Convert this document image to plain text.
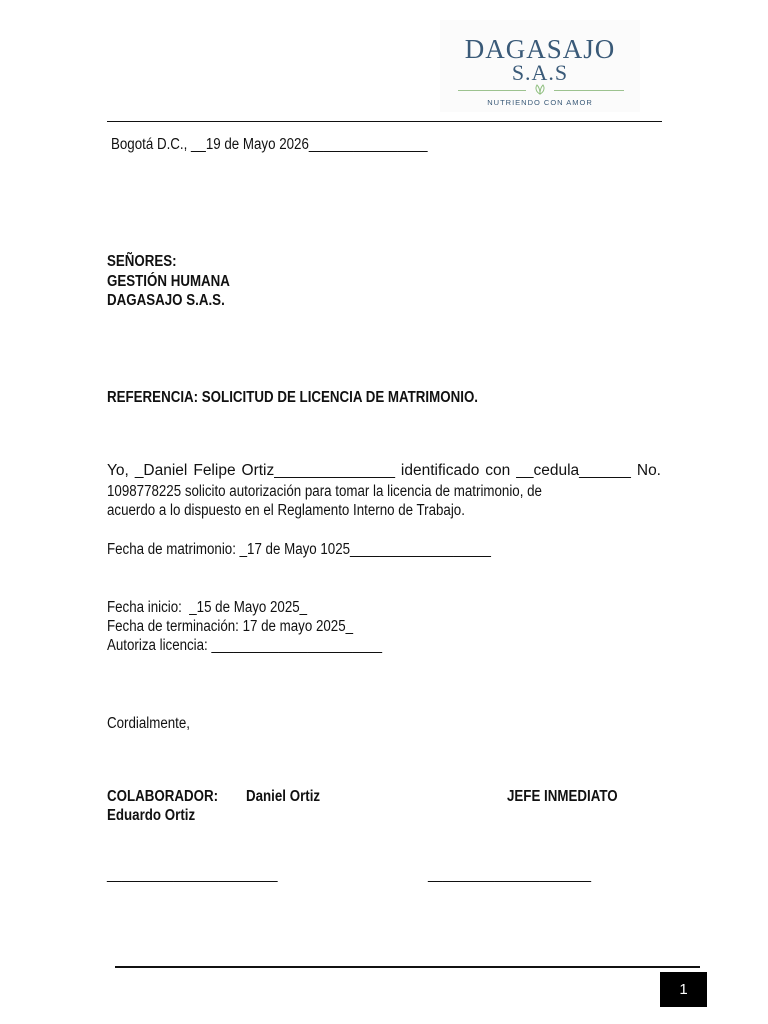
DAGASAJO
S.A.S
NUTRIENDO CON AMOR
Bogotá D.C., __19 de Mayo 2026________________
SEÑORES:
GESTIÓN HUMANA
DAGASAJO S.A.S.
REFERENCIA: SOLICITUD DE LICENCIA DE MATRIMONIO.
Yo, _Daniel Felipe Ortiz______________ identificado con __cedula______ No.
1098778225 solicito autorización para tomar la licencia de matrimonio, de
acuerdo a lo dispuesto en el Reglamento Interno de Trabajo.
Fecha de matrimonio: _17 de Mayo 1025___________________
Fecha inicio:  _15 de Mayo 2025_
Fecha de terminación: 17 de mayo 2025_
Autoriza licencia: _______________________
Cordialmente,
COLABORADOR: Daniel Ortiz	JEFE INMEDIATO
Eduardo Ortiz
_______________________	______________________
1
